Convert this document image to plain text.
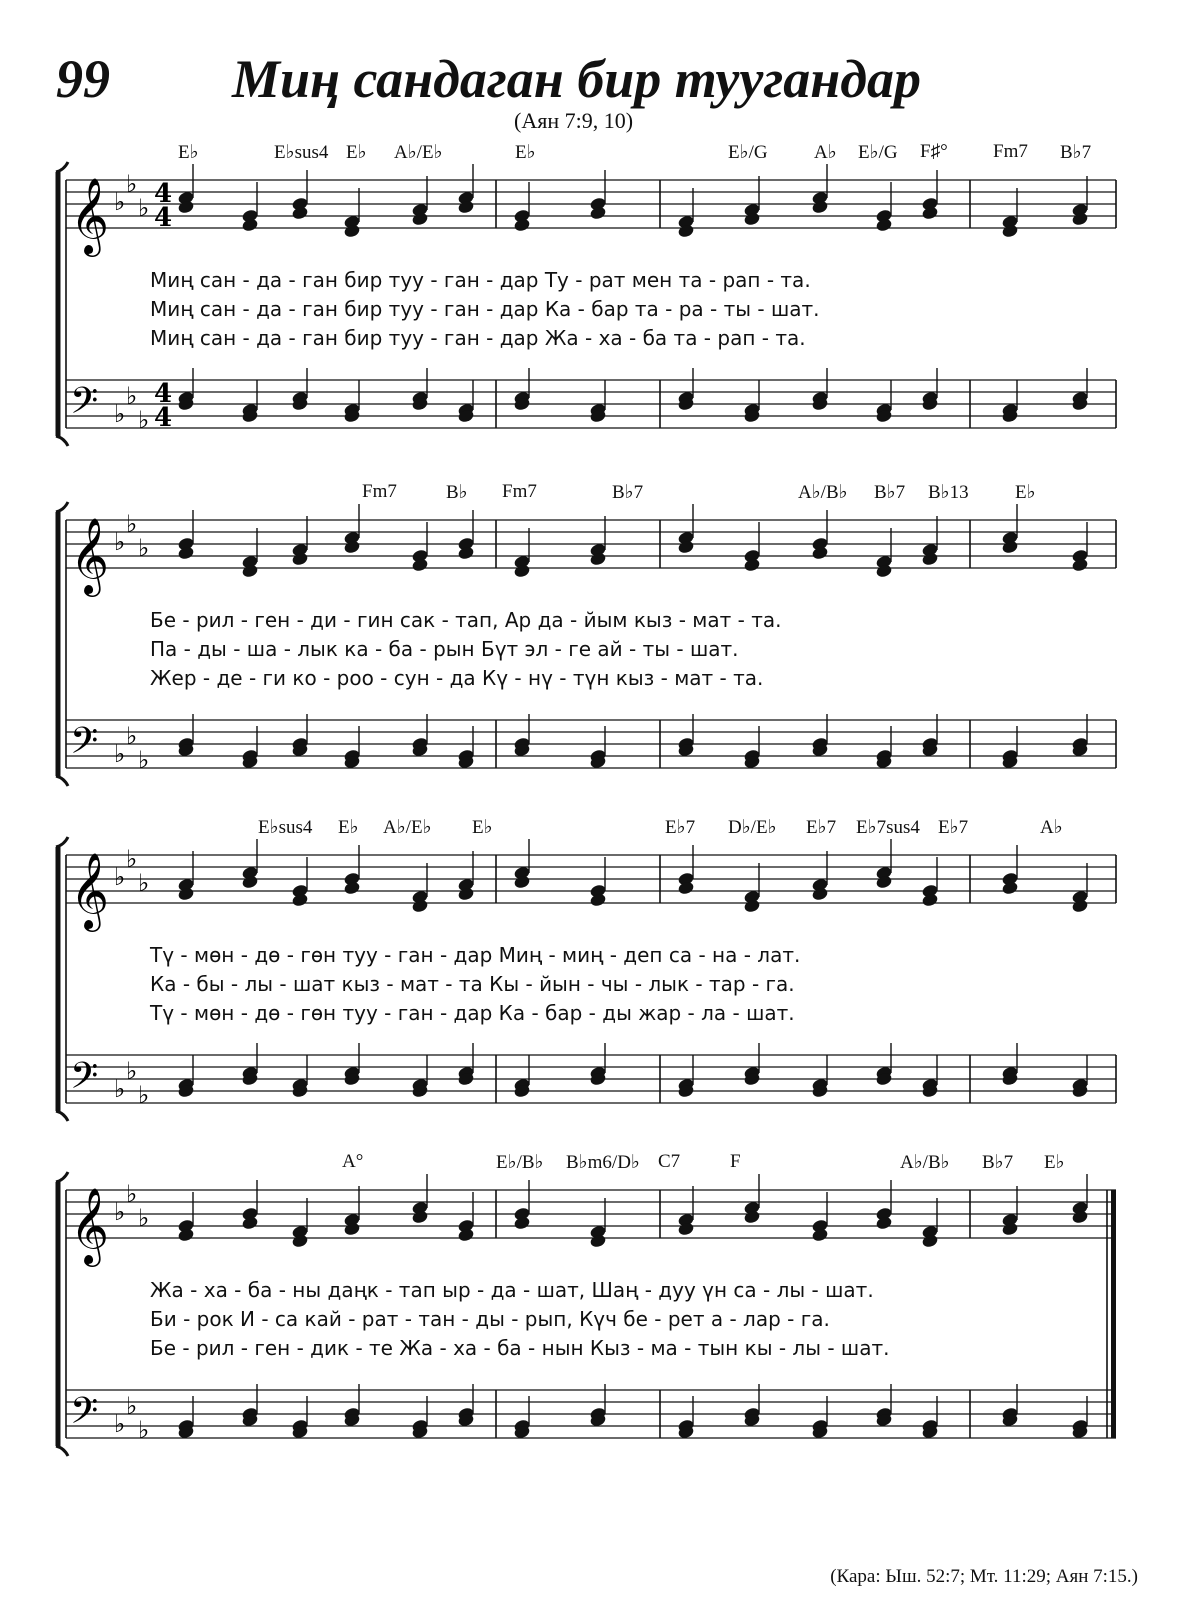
99 Миң сандаган бир туугандар
(Аян 7:9, 10)
E♭	E♭sus4 E♭ A♭/E♭	E♭	E♭/G A♭ E♭/G F♯° Fm7 B♭7
𝄞 ♭
♭
♭ 4
4
𝄢 ♭
♭
♭
4
4
Миң сан - да - ган бир туу - ган - дар Ту - рат мен та - рап - та.
Миң сан - да - ган бир туу - ган - дар Ка - бар та - ра - ты - шат.
Миң сан - да - ган бир туу - ган - дар Жа - ха - ба та - рап - та.
Fm7	B♭ Fm7	B♭7	A♭/B♭ B♭7 B♭13 E♭
𝄞 ♭
♭
♭
𝄢 ♭
♭
♭
Бе - рил - ген - ди - гин сак - тап, Ар да - йым кыз - мат - та.
Па - ды - ша - лык ка - ба - рын Бүт эл - ге ай - ты - шат.
Жер - де - ги ко - роо - сун - да Кү - нү - түн кыз - мат - та.
E♭sus4 E♭ A♭/E♭ E♭	E♭7 D♭/E♭ E♭7 E♭7sus4 E♭7	A♭
𝄞 ♭
♭
♭
𝄢 ♭
♭
♭
Тү - мөн - дө - гөн туу - ган - дар Миң - миң - деп са - на - лат.
Ка - бы - лы - шат кыз - мат - та Кы - йын - чы - лык - тар - га.
Тү - мөн - дө - гөн туу - ган - дар Ка - бар - ды жар - ла - шат.
A°	E♭/B♭ B♭m6/D♭ C7	F	A♭/B♭ B♭7 E♭
𝄞 ♭
♭
♭
𝄢 ♭
♭
♭
Жа - ха - ба - ны даңк - тап ыр - да - шат, Шаң - дуу үн са - лы - шат.
Би - рок И - са кай - рат - тан - ды - рып, Күч бе - рет а - лар - га.
Бе - рил - ген - дик - те Жа - ха - ба - нын Кыз - ма - тын кы - лы - шат.
(Кара: Ыш. 52:7; Мт. 11:29; Аян 7:15.)
